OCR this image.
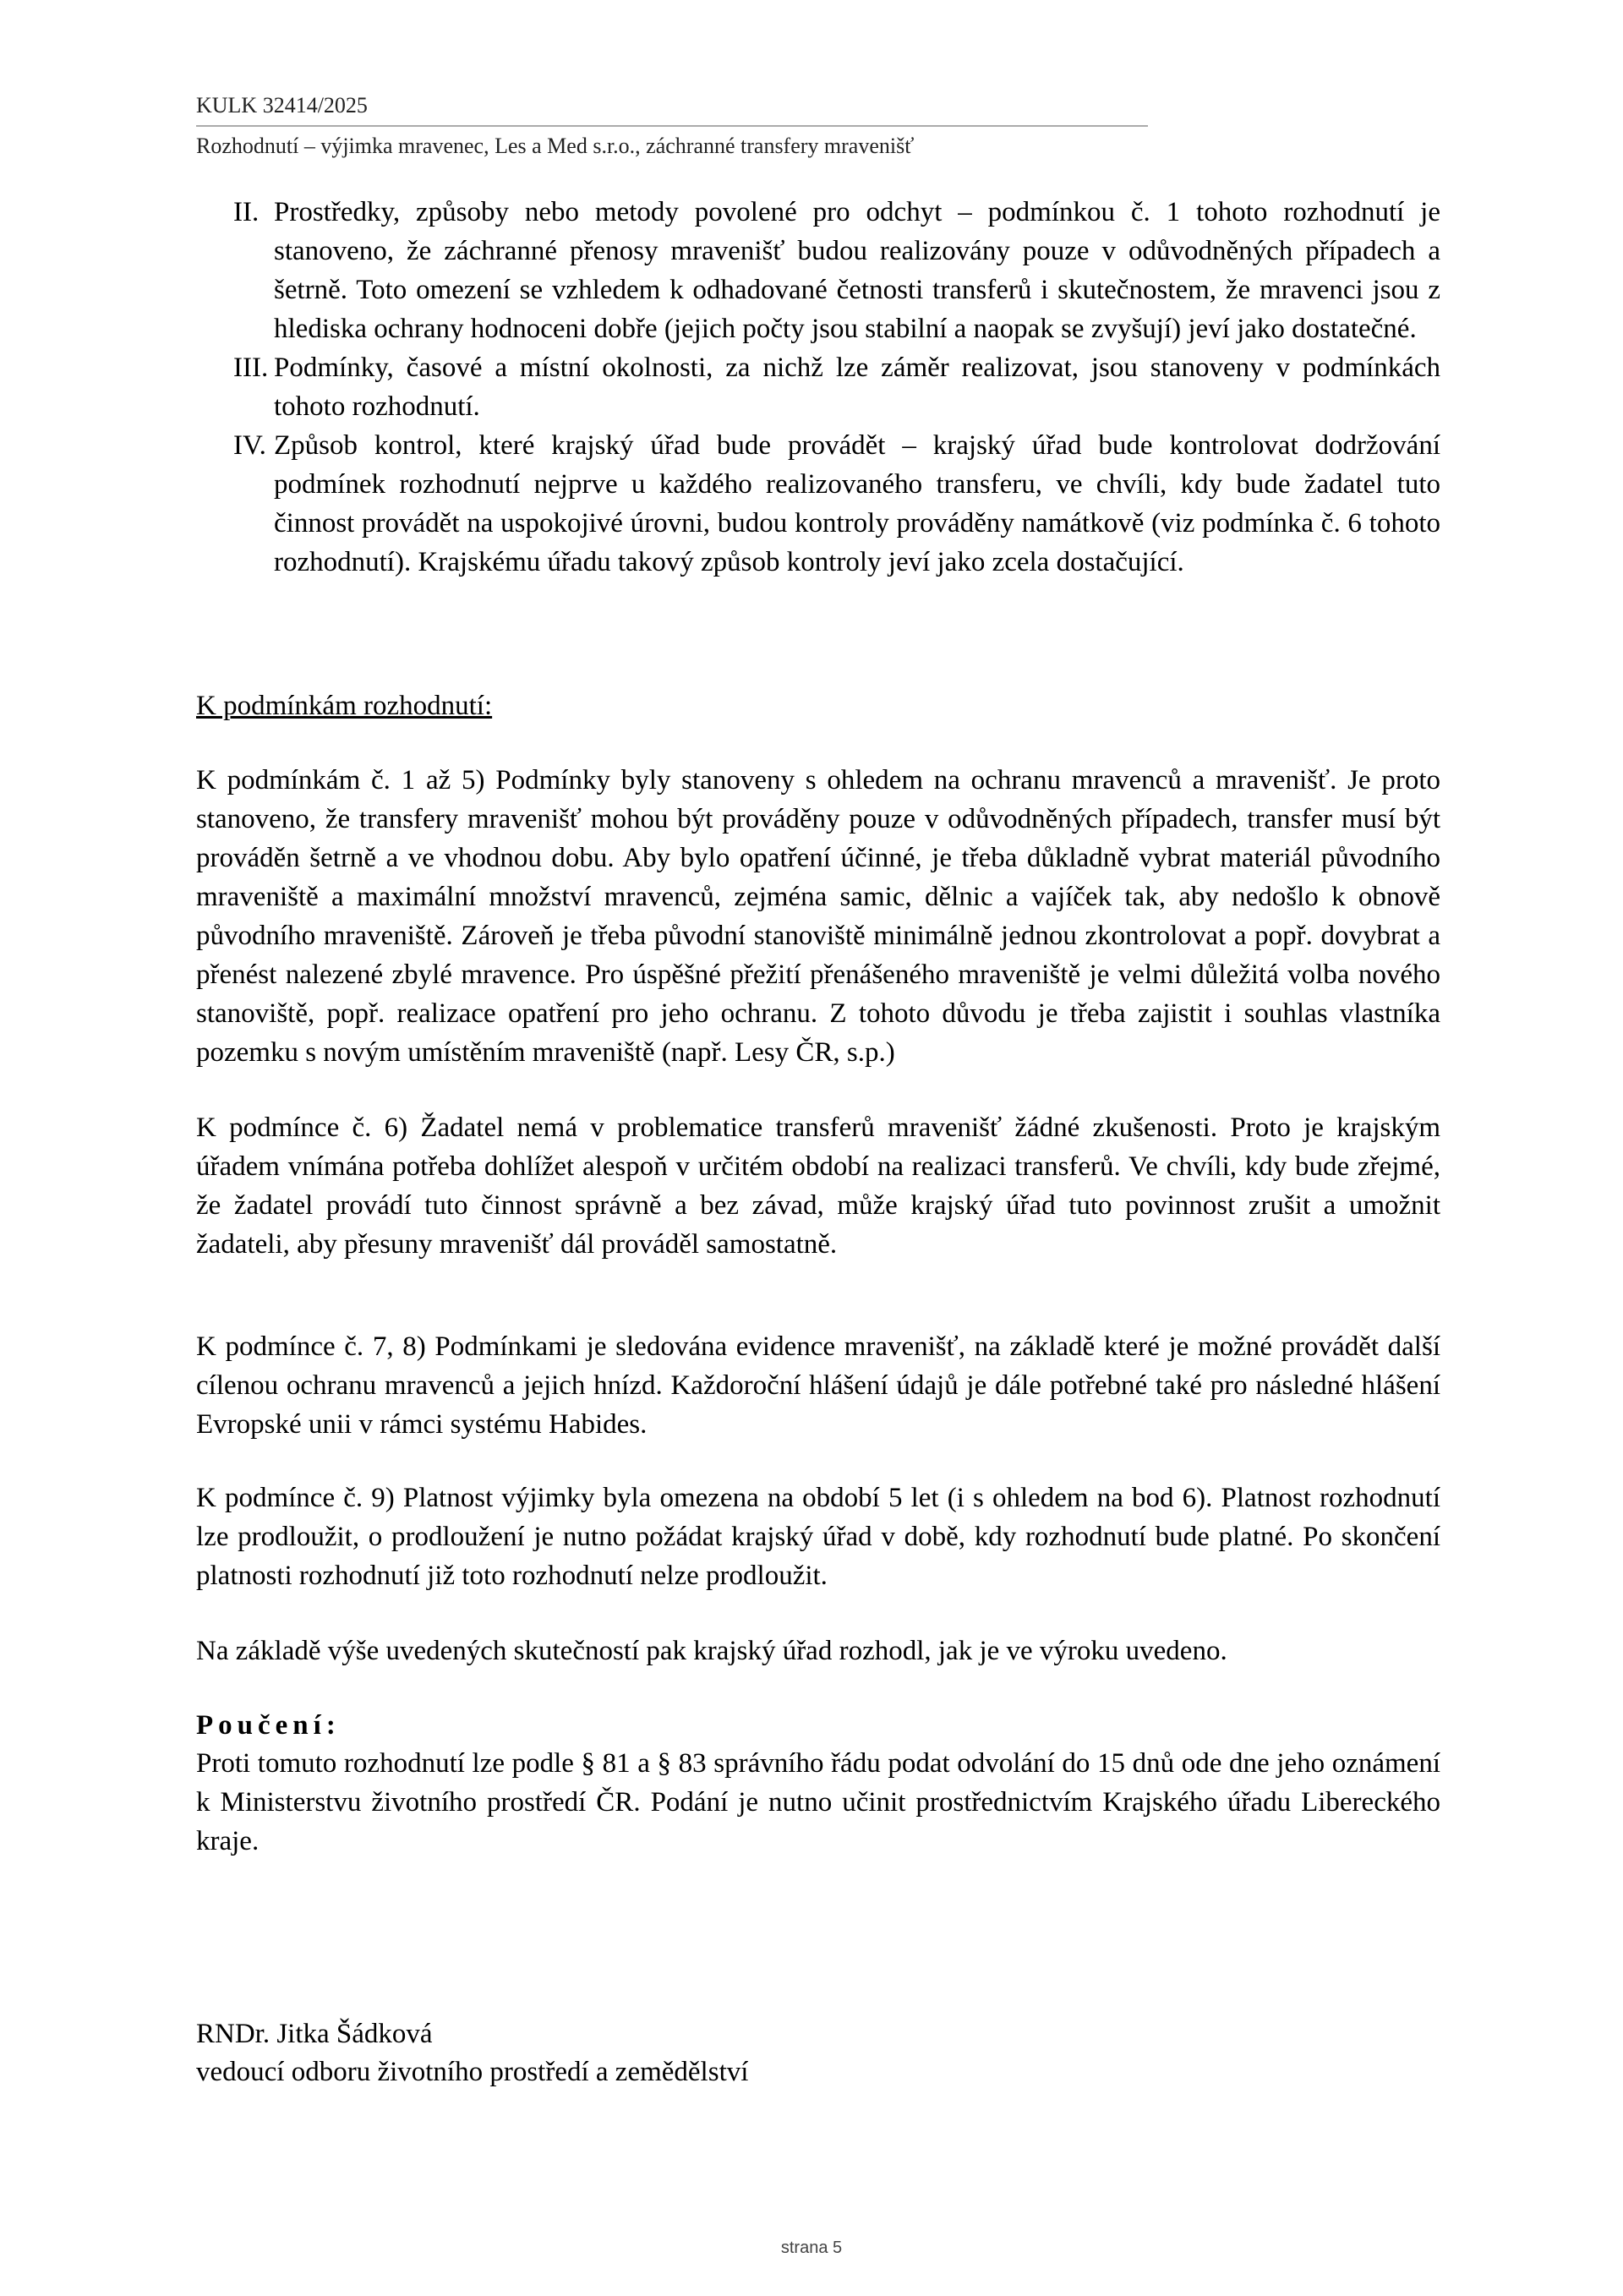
KULK 32414/2025
Rozhodnutí – výjimka mravenec, Les a Med s.r.o., záchranné transfery mravenišť
II. Prostředky, způsoby nebo metody povolené pro odchyt – podmínkou č. 1 tohoto rozhodnutí je stanoveno, že záchranné přenosy mravenišť budou realizovány pouze v odůvodněných případech a šetrně. Toto omezení se vzhledem k odhadované četnosti transferů i skutečnostem, že mravenci jsou z hlediska ochrany hodnoceni dobře (jejich počty jsou stabilní a naopak se zvyšují) jeví jako dostatečné.
III. Podmínky, časové a místní okolnosti, za nichž lze záměr realizovat, jsou stanoveny v podmínkách tohoto rozhodnutí.
IV. Způsob kontrol, které krajský úřad bude provádět – krajský úřad bude kontrolovat dodržování podmínek rozhodnutí nejprve u každého realizovaného transferu, ve chvíli, kdy bude žadatel tuto činnost provádět na uspokojivé úrovni, budou kontroly prováděny namátkově (viz podmínka č. 6 tohoto rozhodnutí). Krajskému úřadu takový způsob kontroly jeví jako zcela dostačující.
K podmínkám rozhodnutí:
K podmínkám č. 1 až 5) Podmínky byly stanoveny s ohledem na ochranu mravenců a mravenišť. Je proto stanoveno, že transfery mravenišť mohou být prováděny pouze v odůvodněných případech, transfer musí být prováděn šetrně a ve vhodnou dobu. Aby bylo opatření účinné, je třeba důkladně vybrat materiál původního mraveniště a maximální množství mravenců, zejména samic, dělnic a vajíček tak, aby nedošlo k obnově původního mraveniště. Zároveň je třeba původní stanoviště minimálně jednou zkontrolovat a popř. dovybrat a přenést nalezené zbylé mravence. Pro úspěšné přežití přenášeného mraveniště je velmi důležitá volba nového stanoviště, popř. realizace opatření pro jeho ochranu. Z tohoto důvodu je třeba zajistit i souhlas vlastníka pozemku s novým umístěním mraveniště (např. Lesy ČR, s.p.)
K podmínce č. 6) Žadatel nemá v problematice transferů mravenišť žádné zkušenosti. Proto je krajským úřadem vnímána potřeba dohlížet alespoň v určitém období na realizaci transferů. Ve chvíli, kdy bude zřejmé, že žadatel provádí tuto činnost správně a bez závad, může krajský úřad tuto povinnost zrušit a umožnit žadateli, aby přesuny mravenišť dál prováděl samostatně.
K podmínce č. 7, 8) Podmínkami je sledována evidence mravenišť, na základě které je možné provádět další cílenou ochranu mravenců a jejich hnízd. Každoroční hlášení údajů je dále potřebné také pro následné hlášení Evropské unii v rámci systému Habides.
K podmínce č. 9) Platnost výjimky byla omezena na období 5 let (i s ohledem na bod 6). Platnost rozhodnutí lze prodloužit, o prodloužení je nutno požádat krajský úřad v době, kdy rozhodnutí bude platné. Po skončení platnosti rozhodnutí již toto rozhodnutí nelze prodloužit.
Na základě výše uvedených skutečností pak krajský úřad rozhodl, jak je ve výroku uvedeno.
Poučení:
Proti tomuto rozhodnutí lze podle § 81 a § 83 správního řádu podat odvolání do 15 dnů ode dne jeho oznámení k Ministerstvu životního prostředí ČR. Podání je nutno učinit prostřednictvím Krajského úřadu Libereckého kraje.
RNDr. Jitka Šádková
vedoucí odboru životního prostředí a zemědělství
strana 5
